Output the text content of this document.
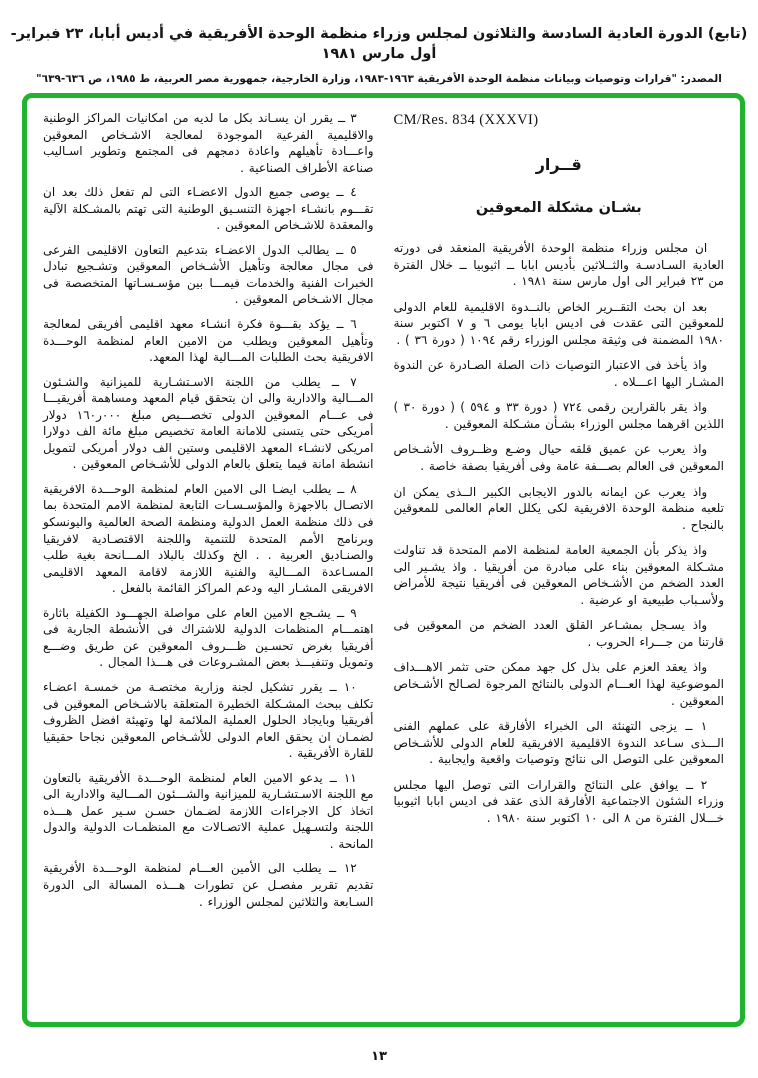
(تابع) الدورة العادية السادسة والثلاثون لمجلس وزراء منظمة الوحدة الأفريقية في أديس أبابا، ٢٣ فبراير- أول مارس ١٩٨١
المصدر: "قرارات وتوصيات وبيانات منظمة الوحدة الأفريقية ١٩٦٣-١٩٨٣، وزارة الخارجية، جمهورية مصر العربية، ط ١٩٨٥، ص ٦٣٦-٦٣٩"
CM/Res. 834 (XXXVI)
قــرار
بشـان مشكلة المعوقين

ان مجلس وزراء منظمة الوحدة الأفريقية المنعقد فى دورته العادية السـادسـة والثــلاثين بأديس ابابا ــ اثيوبيا ــ خلال الفترة من ٢٣ فبراير الى اول مارس سنة ١٩٨١ .

بعد ان بحث التقــرير الخاص بالنــدوة الاقليمية للعام الدولى للمعوقين التى عقدت فى اديس ابابا يومى ٦ و ٧ اكتوبر سنة ١٩٨٠ المضمنة فى وثيقة مجلس الوزراء رقم ١٠٩٤ ( دورة ٣٦ ) .

واذ يأخذ فى الاعتبار التوصيات ذات الصلة الصـادرة عن الندوة المشـار اليها اعـــلاه .

واذ يقر بالقرارين رقمى ٧٢٤ ( دورة ٣٣ و ٥٩٤ ) ( دورة ٣٠ ) اللذين اقرهما مجلس الوزراء بشـأن مشـكلة المعوقين .

واذ يعرب عن عميق قلقه حيال وضـع وظــروف الأشـخاص المعوقين فى العالم بصـــفة عامة وفى أفريقيا بصفة خاصة .

واذ يعرب عن ايمانه بالدور الايجابى الكبير الــذى يمكن ان تلعبه منظمة الوحدة الافريقية لكى يكلل العام العالمى للمعوقين بالنجاح .

واذ يذكر بأن الجمعية العامة لمنظمة الامم المتحدة قد تناولت مشـكلة المعوقين بناء على مبادرة من أفريقيا . واذ يشـير الى العدد الضخم من الأشـخاص المعوقين فى أفريقيا نتيجة للأمراض ولأسـباب طبيعية او عرضية .

واذ يسـجل بمشـاعر القلق العدد الضخم من المعوقين فى قارتنا من جـــراء الحروب .

واذ يعقد العزم على بذل كل جهد ممكن حتى تثمر الاهـــداف الموضوعية لهذا العـــام الدولى بالنتائج المرجوة لصـالح الأشـخاص المعوقين .

١ ــ يزجى التهنئة الى الخبراء الأفارقة على عملهم الفنى الـــذى سـاعد الندوة الاقليمية الافريقية للعام الدولى للأشـخاص المعوقين على التوصل الى نتائج وتوصيات واقعية وايجابية .

٢ ــ يوافق على النتائج والقرارات التى توصل اليها مجلس وزراء الشئون الاجتماعية الأفارقة الذى عقد فى اديس ابابا اثيوبيا خـــلال الفترة من ٨ الى ١٠ اكتوبر سنة ١٩٨٠ .

٣ ــ يقرر ان يسـاند بكل ما لديه من امكانيات المراكز الوطنية والاقليمية الفرعية الموجودة لمعالجة الاشـخاص المعوقين واعـــادة تأهيلهم واعادة دمجهم فى المجتمع وتطوير اسـاليب صناعة الأطراف الصناعية .

٤ ــ يوصى جميع الدول الاعضـاء التى لم تفعل ذلك بعد ان تقـــوم بانشـاء اجهزة التنسـيق الوطنية التى تهتم بالمشـكلة الآلية والمعقدة للاشـخاص المعوقين .

٥ ــ يطالب الدول الاعضـاء بتدعيم التعاون الاقليمى الفرعى فى مجال معالجة وتأهيل الأشـخاص المعوقين وتشـجيع تبادل الخبرات الفنية والخدمات فيمـــا بين مؤسـسـاتها المتخصصة فى مجال الاشـخاص المعوقين .

٦ ــ يؤكد بقـــوة فكرة انشـاء معهد اقليمى أفريقى لمعالجة وتأهيل المعوقين ويطلب من الامين العام لمنظمة الوحـــدة الافريقية بحث الطلبات المـــالية لهذا المعهد.

٧ ــ يطلب من اللجنة الاسـتشـارية للميزانية والشـئون المـــالية والادارية والى ان يتحقق قيام المعهد ومساهمة أفريقيـــا فى عـــام المعوقين الدولى تخصـــيص مبلغ ٠٠٠ر١٦٠ دولار أمريكى حتى يتسنى للامانة العامة تخصيص مبلغ مائة الف دولارا امريكى لانشـاء المعهد الاقليمى وستين الف دولار أمريكى لتمويل انشطة امانة فيما يتعلق بالعام الدولى للأشـخاص المعوقين .

٨ ــ يطلب ايضـا الى الامين العام لمنظمة الوحـــدة الافريقية الاتصـال بالاجهزة والمؤسـسـات التابعة لمنظمة الامم المتحدة بما فى ذلك منظمة العمل الدولية ومنظمة الصحة العالمية واليونسكو وبرنامج الأمم المتحدة للتنمية واللجنة الاقتصـادية لافريقيا والصنـاديق العربية . . الخ وكذلك بالبلاد المـــانحة بغية طلب المسـاعدة المـــالية والفنية اللازمة لاقامة المعهد الاقليمى الافريقى المشـار اليه ودعم المراكز القائمة بالفعل .

٩ ــ يشـجع الامين العام على مواصلة الجهـــود الكفيلة باثارة اهتمـــام المنظمات الدولية للاشتراك فى الأنشطة الجارية فى أفريقيا بغرض تحسـين ظـــروف المعوقين عن طريق وضـــع وتمويل وتنفيـــذ بعض المشـروعات فى هـــذا المجال .

١٠ ــ يقرر تشكيل لجنة وزارية مختصـة من خمسـة اعضـاء تكلف ببحث المشـكلة الخطيرة المتعلقة بالاشـخاص المعوقين فى أفريقيا وبايجاد الحلول العملية الملائمة لها وتهيئة افضل الظروف لضمـان ان يحقق العام الدولى للأشـخاص المعوقين نجاحا حقيقيا للقارة الأفريقية .

١١ ــ يدعو الامين العام لمنظمة الوحـــدة الأفريقية بالتعاون مع اللجنة الاسـتشـارية للميزانية والشـــئون المـــالية والادارية الى اتخاذ كل الاجراءات اللازمة لضـمان حسـن سـير عمل هـــذه اللجنة ولتسـهيل عملية الاتصـالات مع المنظمـات الدولية والدول المانحة .

١٢ ــ يطلب الى الأمين العـــام لمنظمة الوحـــدة الأفريقية تقديم تقرير مفصـل عن تطورات هـــذه المسالة الى الدورة السـابعة والثلاثين لمجلس الوزراء .

١٣
